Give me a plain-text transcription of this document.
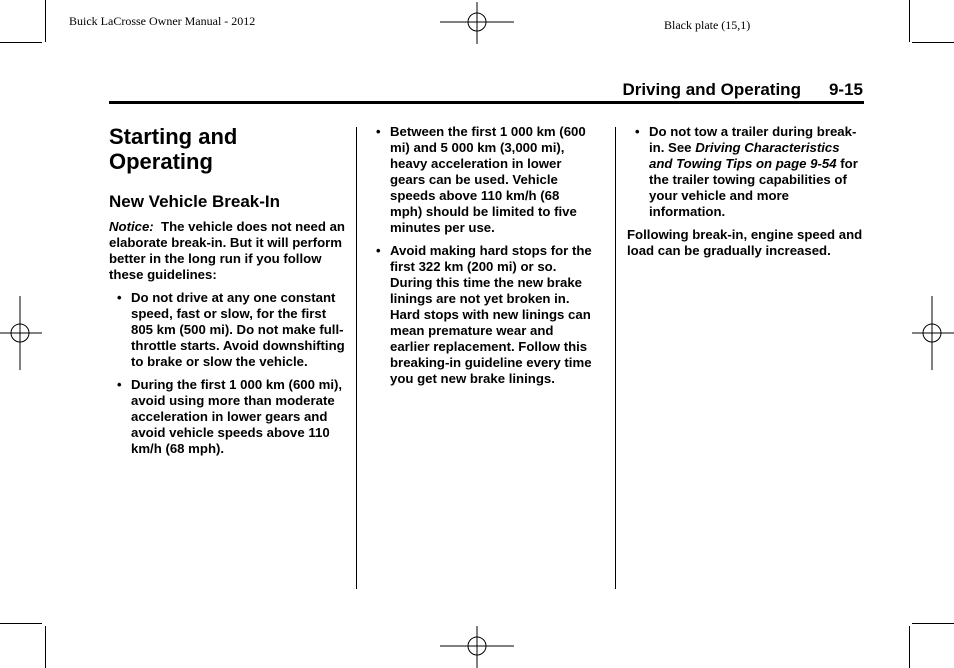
Buick LaCrosse Owner Manual - 2012	Black plate (15,1)
Driving and Operating 9-15
Starting and Operating
New Vehicle Break-In

Notice: The vehicle does not need an elaborate break-in. But it will perform better in the long run if you follow these guidelines:

• Do not drive at any one constant speed, fast or slow, for the first 805 km (500 mi). Do not make full-throttle starts. Avoid downshifting to brake or slow the vehicle.
• During the first 1 000 km (600 mi), avoid using more than moderate acceleration in lower gears and avoid vehicle speeds above 110 km/h (68 mph).
• Between the first 1 000 km (600 mi) and 5 000 km (3,000 mi), heavy acceleration in lower gears can be used. Vehicle speeds above 110 km/h (68 mph) should be limited to five minutes per use.
• Avoid making hard stops for the first 322 km (200 mi) or so. During this time the new brake linings are not yet broken in. Hard stops with new linings can mean premature wear and earlier replacement. Follow this breaking-in guideline every time you get new brake linings.
• Do not tow a trailer during break-in. See Driving Characteristics and Towing Tips on page 9-54 for the trailer towing capabilities of your vehicle and more information.

Following break-in, engine speed and load can be gradually increased.
